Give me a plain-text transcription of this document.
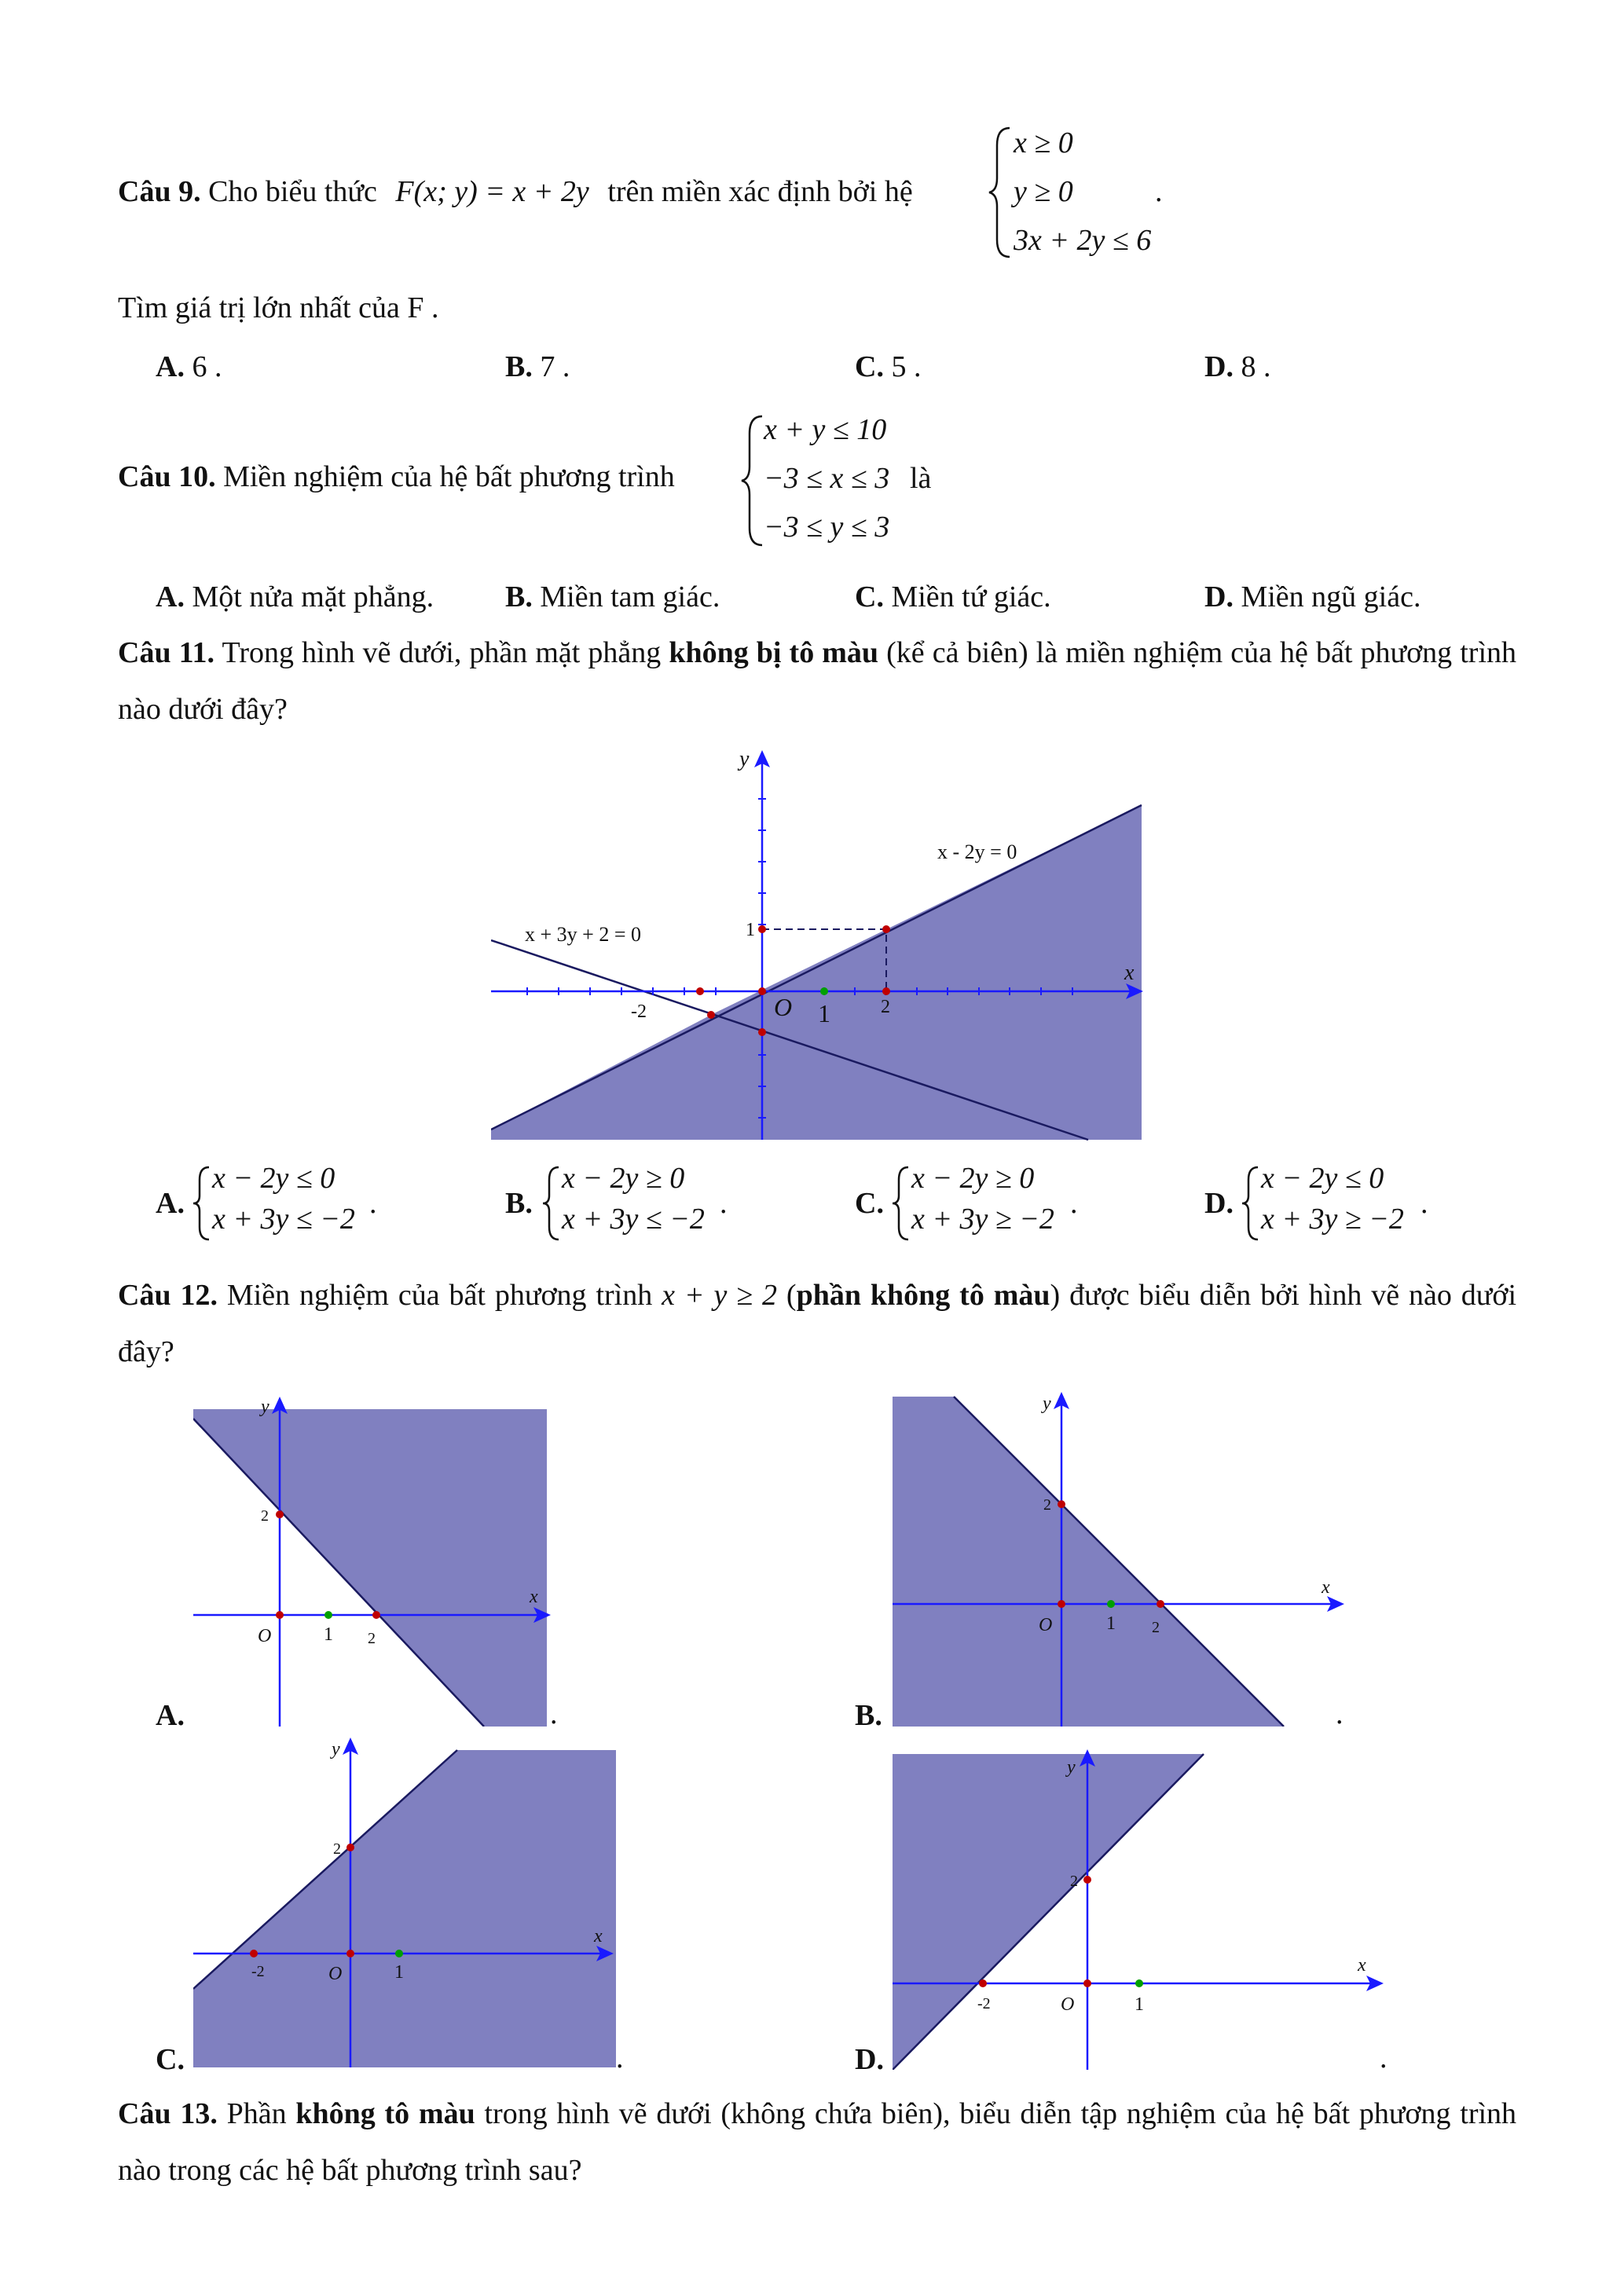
Câu 9. Cho biểu thức F(x; y) = x + 2y trên miền xác định bởi hệ
x ≥ 0
y ≥ 0
3x + 2y ≤ 6
.
Tìm giá trị lớn nhất của F .
A. 6 .	B. 7 .	C. 5 .	D. 8 .
Câu 10. Miền nghiệm của hệ bất phương trình
x + y ≤ 10
−3 ≤ x ≤ 3
−3 ≤ y ≤ 3
là
A. Một nửa mặt phẳng. B. Miền tam giác.	C. Miền tứ giác.	D. Miền ngũ giác.
Câu 11. Trong hình vẽ dưới, phần mặt phẳng không bị tô màu (kể cả biên) là miền nghiệm của hệ bất phương trình nào dưới đây?
y
x
O 1	2
-2
1
x - 2y = 0
x + 3y + 2 = 0
A.
x − 2y ≤ 0
x + 3y ≤ −2 .	B.
x − 2y ≥ 0
x + 3y ≤ −2 .	C.
x − 2y ≥ 0
x + 3y ≥ −2 .	D.
x − 2y ≤ 0
x + 3y ≥ −2 .
Câu 12. Miền nghiệm của bất phương trình x + y ≥ 2 (phần không tô màu) được biểu diễn bởi hình vẽ nào dưới đây?
A.
y
x
O	1 2
2
.	B.
y
x
O	1 2
2
.
C.
y
x
O	1
-2
2
.	D.
y
x
O	1
-2
2
.
Câu 13. Phần không tô màu trong hình vẽ dưới (không chứa biên), biểu diễn tập nghiệm của hệ bất phương trình nào trong các hệ bất phương trình sau?
